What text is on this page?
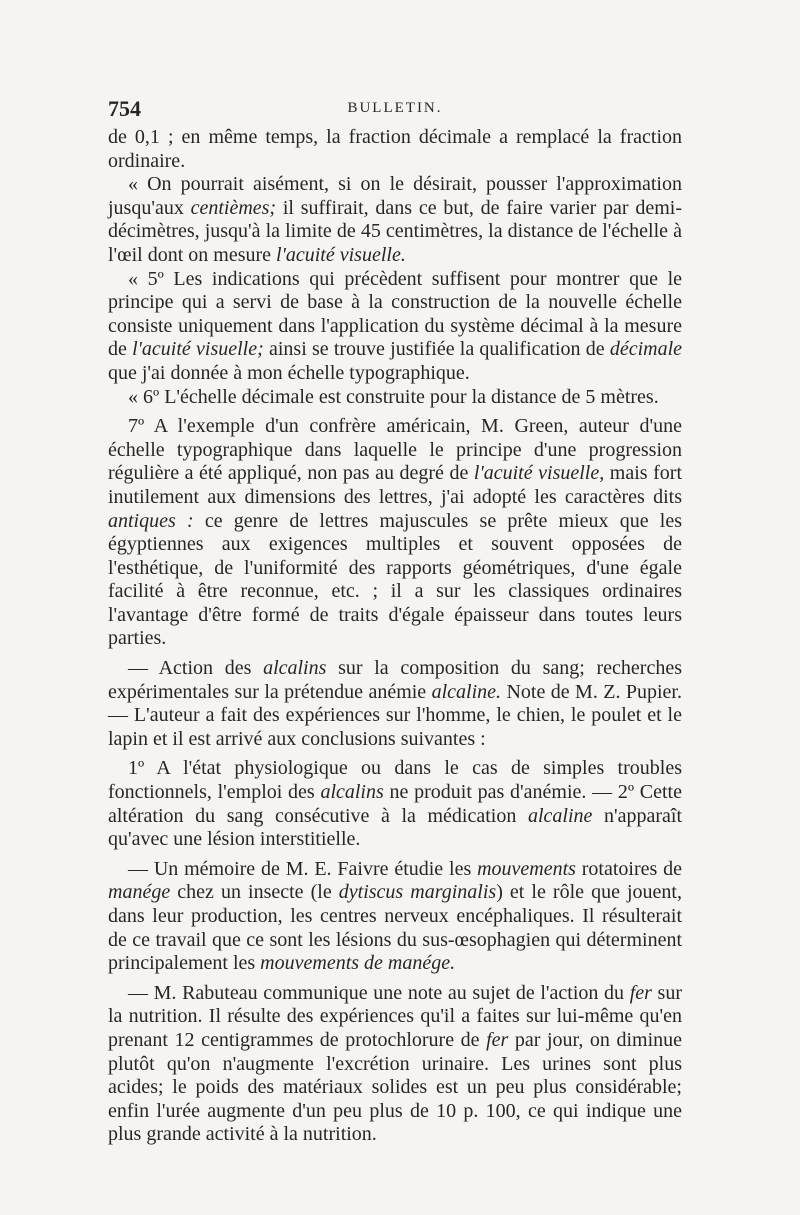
754	BULLETIN.

de 0,1 ; en même temps, la fraction décimale a remplacé la fraction ordinaire.

« On pourrait aisément, si on le désirait, pousser l'approximation jusqu'aux centièmes; il suffirait, dans ce but, de faire varier par demi-décimètres, jusqu'à la limite de 45 centimètres, la distance de l'échelle à l'œil dont on mesure l'acuité visuelle.

« 5º Les indications qui précèdent suffisent pour montrer que le principe qui a servi de base à la construction de la nouvelle échelle consiste uniquement dans l'application du système décimal à la mesure de l'acuité visuelle; ainsi se trouve justifiée la qualification de décimale que j'ai donnée à mon échelle typographique.

« 6º L'échelle décimale est construite pour la distance de 5 mètres.

7º A l'exemple d'un confrère américain, M. Green, auteur d'une échelle typographique dans laquelle le principe d'une progression régulière a été appliqué, non pas au degré de l'acuité visuelle, mais fort inutilement aux dimensions des lettres, j'ai adopté les caractères dits antiques : ce genre de lettres majuscules se prête mieux que les égyptiennes aux exigences multiples et souvent opposées de l'esthétique, de l'uniformité des rapports géométriques, d'une égale facilité à être reconnue, etc. ; il a sur les classiques ordinaires l'avantage d'être formé de traits d'égale épaisseur dans toutes leurs parties.

— Action des alcalins sur la composition du sang; recherches expérimentales sur la prétendue anémie alcaline. Note de M. Z. Pupier. — L'auteur a fait des expériences sur l'homme, le chien, le poulet et le lapin et il est arrivé aux conclusions suivantes :

1º A l'état physiologique ou dans le cas de simples troubles fonctionnels, l'emploi des alcalins ne produit pas d'anémie. — 2º Cette altération du sang consécutive à la médication alcaline n'apparaît qu'avec une lésion interstitielle.

— Un mémoire de M. E. Faivre étudie les mouvements rotatoires de manége chez un insecte (le dytiscus marginalis) et le rôle que jouent, dans leur production, les centres nerveux encéphaliques. Il résulterait de ce travail que ce sont les lésions du sus-œsophagien qui déterminent principalement les mouvements de manége.

— M. Rabuteau communique une note au sujet de l'action du fer sur la nutrition. Il résulte des expériences qu'il a faites sur lui-même qu'en prenant 12 centigrammes de protochlorure de fer par jour, on diminue plutôt qu'on n'augmente l'excrétion urinaire. Les urines sont plus acides; le poids des matériaux solides est un peu plus considérable; enfin l'urée augmente d'un peu plus de 10 p. 100, ce qui indique une plus grande activité à la nutrition.
